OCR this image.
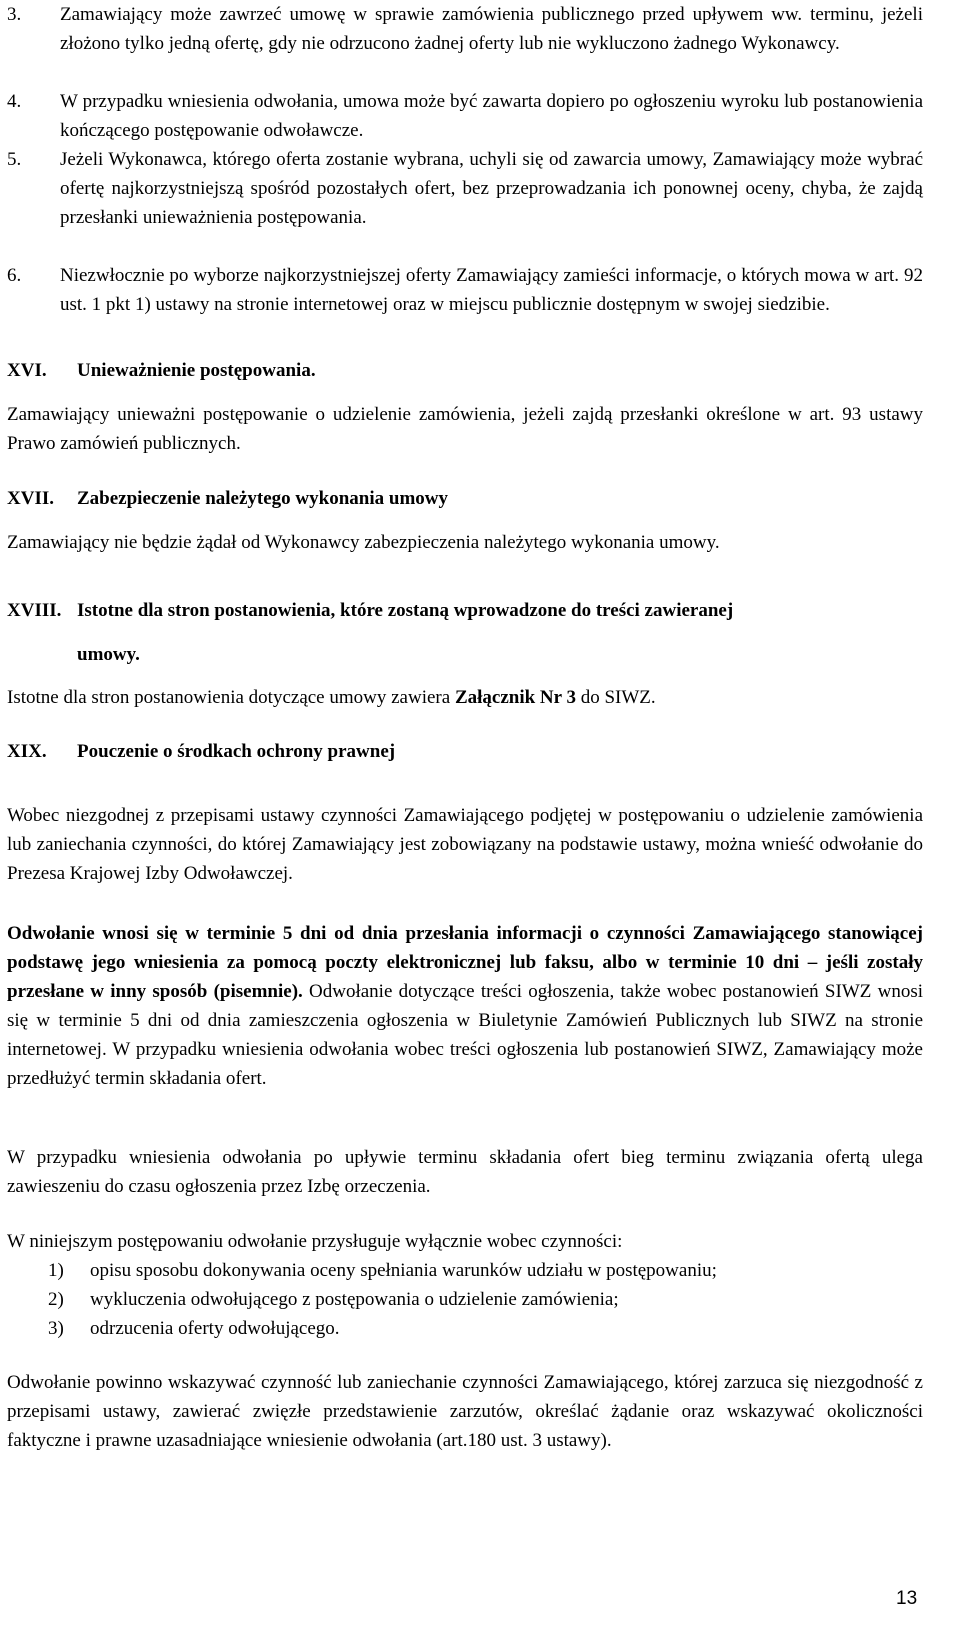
3. Zamawiający może zawrzeć umowę w sprawie zamówienia publicznego przed upływem ww. terminu, jeżeli złożono tylko jedną ofertę, gdy nie odrzucono żadnej oferty lub nie wykluczono żadnego Wykonawcy.

4. W przypadku wniesienia odwołania, umowa może być zawarta dopiero po ogłoszeniu wyroku lub postanowienia kończącego postępowanie odwoławcze.

5. Jeżeli Wykonawca, którego oferta zostanie wybrana, uchyli się od zawarcia umowy, Zamawiający może wybrać ofertę najkorzystniejszą spośród pozostałych ofert, bez przeprowadzania ich ponownej oceny, chyba, że zajdą przesłanki unieważnienia postępowania.

6. Niezwłocznie po wyborze najkorzystniejszej oferty Zamawiający zamieści informacje, o których mowa w art. 92 ust. 1 pkt 1) ustawy na stronie internetowej oraz w miejscu publicznie dostępnym w swojej siedzibie.

XVI. Unieważnienie postępowania.

Zamawiający unieważni postępowanie o udzielenie zamówienia, jeżeli zajdą przesłanki określone w art. 93 ustawy Prawo zamówień publicznych.

XVII. Zabezpieczenie należytego wykonania umowy

Zamawiający nie będzie żądał od Wykonawcy zabezpieczenia należytego wykonania umowy.

XVIII. Istotne dla stron postanowienia, które zostaną wprowadzone do treści zawieranej

umowy.

Istotne dla stron postanowienia dotyczące umowy zawiera Załącznik Nr 3 do SIWZ.

XIX. Pouczenie o środkach ochrony prawnej

Wobec niezgodnej z przepisami ustawy czynności Zamawiającego podjętej w postępowaniu o udzielenie zamówienia lub zaniechania czynności, do której Zamawiający jest zobowiązany na podstawie ustawy, można wnieść odwołanie do Prezesa Krajowej Izby Odwoławczej.

Odwołanie wnosi się w terminie 5 dni od dnia przesłania informacji o czynności Zamawiającego stanowiącej podstawę jego wniesienia za pomocą poczty elektronicznej lub faksu, albo w terminie 10 dni – jeśli zostały przesłane w inny sposób (pisemnie). Odwołanie dotyczące treści ogłoszenia, także wobec postanowień SIWZ wnosi się w terminie 5 dni od dnia zamieszczenia ogłoszenia w Biuletynie Zamówień Publicznych lub SIWZ na stronie internetowej. W przypadku wniesienia odwołania wobec treści ogłoszenia lub postanowień SIWZ, Zamawiający może przedłużyć termin składania ofert.

W przypadku wniesienia odwołania po upływie terminu składania ofert bieg terminu związania ofertą ulega zawieszeniu do czasu ogłoszenia przez Izbę orzeczenia.

W niniejszym postępowaniu odwołanie przysługuje wyłącznie wobec czynności:

1) opisu sposobu dokonywania oceny spełniania warunków udziału w postępowaniu;
2) wykluczenia odwołującego z postępowania o udzielenie zamówienia;
3) odrzucenia oferty odwołującego.

Odwołanie powinno wskazywać czynność lub zaniechanie czynności Zamawiającego, której zarzuca się niezgodność z przepisami ustawy, zawierać zwięzłe przedstawienie zarzutów, określać żądanie oraz wskazywać okoliczności faktyczne i prawne uzasadniające wniesienie odwołania (art.180 ust. 3 ustawy).

13
